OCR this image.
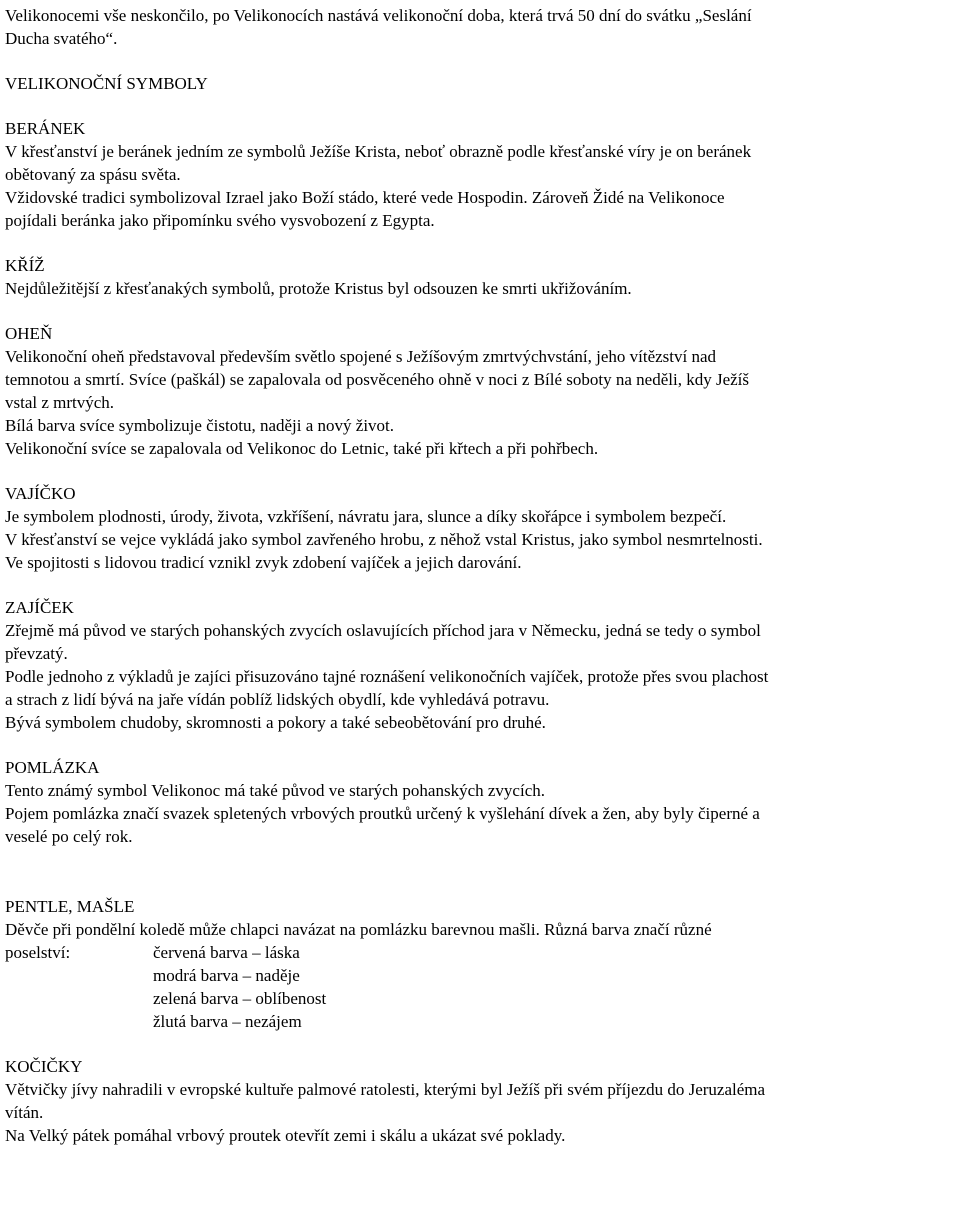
Velikonocemi vše neskončilo, po Velikonocích nastává velikonoční doba, která trvá 50 dní do svátku „Seslání
Ducha svatého“.

VELIKONOČNÍ SYMBOLY
BERÁNEK
V křesťanství je beránek jedním ze symbolů Ježíše Krista, neboť obrazně podle křesťanské víry je on beránek
obětovaný za spásu světa.
Vžidovské tradici symbolizoval Izrael jako Boží stádo, které vede Hospodin. Zároveň Židé na Velikonoce
pojídali beránka jako připomínku svého vysvobození z Egypta.
KŘÍŽ
Nejdůležitější z křesťanakých symbolů, protože Kristus byl odsouzen ke smrti ukřižováním.
OHEŇ
Velikonoční oheň představoval především světlo spojené s Ježíšovým zmrtvýchvstání, jeho vítězství nad
temnotou a smrtí. Svíce (paškál) se zapalovala od posvěceného ohně v noci z Bílé soboty na neděli, kdy Ježíš
vstal z mrtvých.
Bílá barva svíce symbolizuje čistotu, naději a nový život.
Velikonoční svíce se zapalovala od Velikonoc do Letnic, také při křtech a při pohřbech.
VAJÍČKO
Je symbolem plodnosti, úrody, života, vzkříšení, návratu jara, slunce a díky skořápce i symbolem bezpečí.
V křesťanství se vejce vykládá jako symbol zavřeného hrobu, z něhož vstal Kristus, jako symbol nesmrtelnosti.
Ve spojitosti s lidovou tradicí vznikl zvyk zdobení vajíček a jejich darování.
ZAJÍČEK
Zřejmě má původ ve starých pohanských zvycích oslavujících příchod jara v Německu, jedná se tedy o symbol
převzatý.
Podle jednoho z výkladů je zajíci přisuzováno tajné roznášení velikonočních vajíček, protože přes svou plachost
a strach z lidí bývá na jaře vídán poblíž lidských obydlí, kde vyhledává potravu.
Bývá symbolem chudoby, skromnosti a pokory a také sebeobětování pro druhé.
POMLÁZKA
Tento známý symbol Velikonoc má také původ ve starých pohanských zvycích.
Pojem pomlázka značí svazek spletených vrbových proutků určený k vyšlehání dívek a žen, aby byly čiperné a
veselé po celý rok.
PENTLE, MAŠLE
Děvče při pondělní koledě může chlapci navázat na pomlázku barevnou mašli. Různá barva značí různé
poselství:	červená barva – láska
modrá barva – naděje
zelená barva – oblíbenost
žlutá barva – nezájem
KOČIČKY
Větvičky jívy nahradili v evropské kultuře palmové ratolesti, kterými byl Ježíš při svém příjezdu do Jeruzaléma
vítán.
Na Velký pátek pomáhal vrbový proutek otevřít zemi i skálu a ukázat své poklady.
